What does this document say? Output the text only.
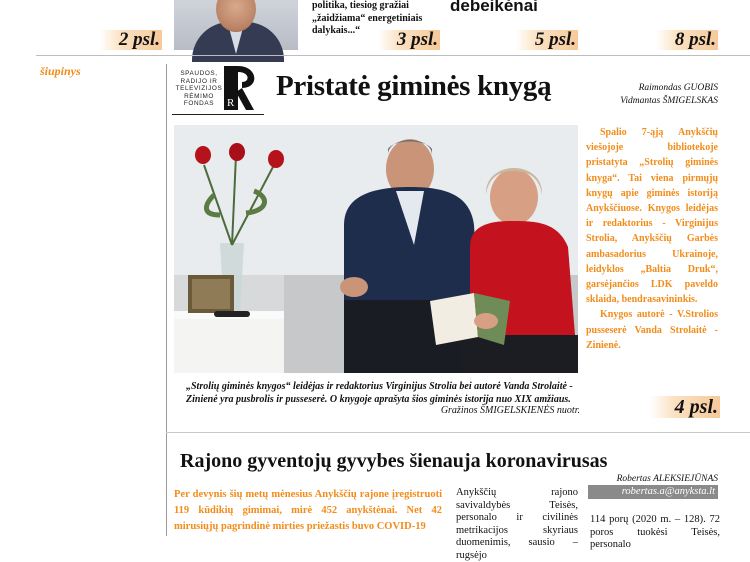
politika, tiesiog gražiai „žaidžiama“ energetiniais dalykais...“
debeikėnai
2 psl.	3 psl.	5 psl.	8 psl.
šiupinys	SPAUDOS, RADIJO IR TELEVIZIJOS RĖMIMO FONDAS	R
Pristatė giminės knygą	Raimondas GUOBIS
Vidmantas ŠMIGELSKAS
„Strolių giminės knygos“ leidėjas ir redaktorius Virginijus Strolia bei autorė Vanda Strolaitė - Zinienė yra pusbrolis ir pusseserė. O knygoje aprašyta šios giminės istorija nuo XIX amžiaus.
Gražinos ŠMIGELSKIENĖS nuotr.

Spalio 7-ąją Anykščių viešojoje bibliotekoje pristatyta „Strolių giminės knyga“. Tai viena pirmųjų knygų apie giminės istoriją Anykščiuose. Knygos leidėjas ir redaktorius - Virginijus Strolia, Anykščių Garbės ambasadorius Ukrainoje, leidyklos „Baltia Druk“, garsėjančios LDK paveldo sklaida, bendrasavininkis.

Knygos autorė - V.Strolios pusseserė Vanda Strolaitė - Zinienė.

4 psl.
Rajono gyventojų gyvybes šienauja koronavirusas
Robertas ALEKSIEJŪNAS
robertas.a@anyksta.lt
Per devynis šių metų mėnesius Anykščių rajone įregistruoti 119 kūdikių gimimai, mirė 452 anykštėnai. Net 42 mirusiųjų pagrindinė mirties priežastis buvo COVID-19
Anykščių rajono savivaldybės Teisės, personalo ir civilinės metrikacijos skyriaus duomenimis, sausio – rugsėjo
114 porų (2020 m. – 128). 72 poros tuokėsi Teisės, personalo
